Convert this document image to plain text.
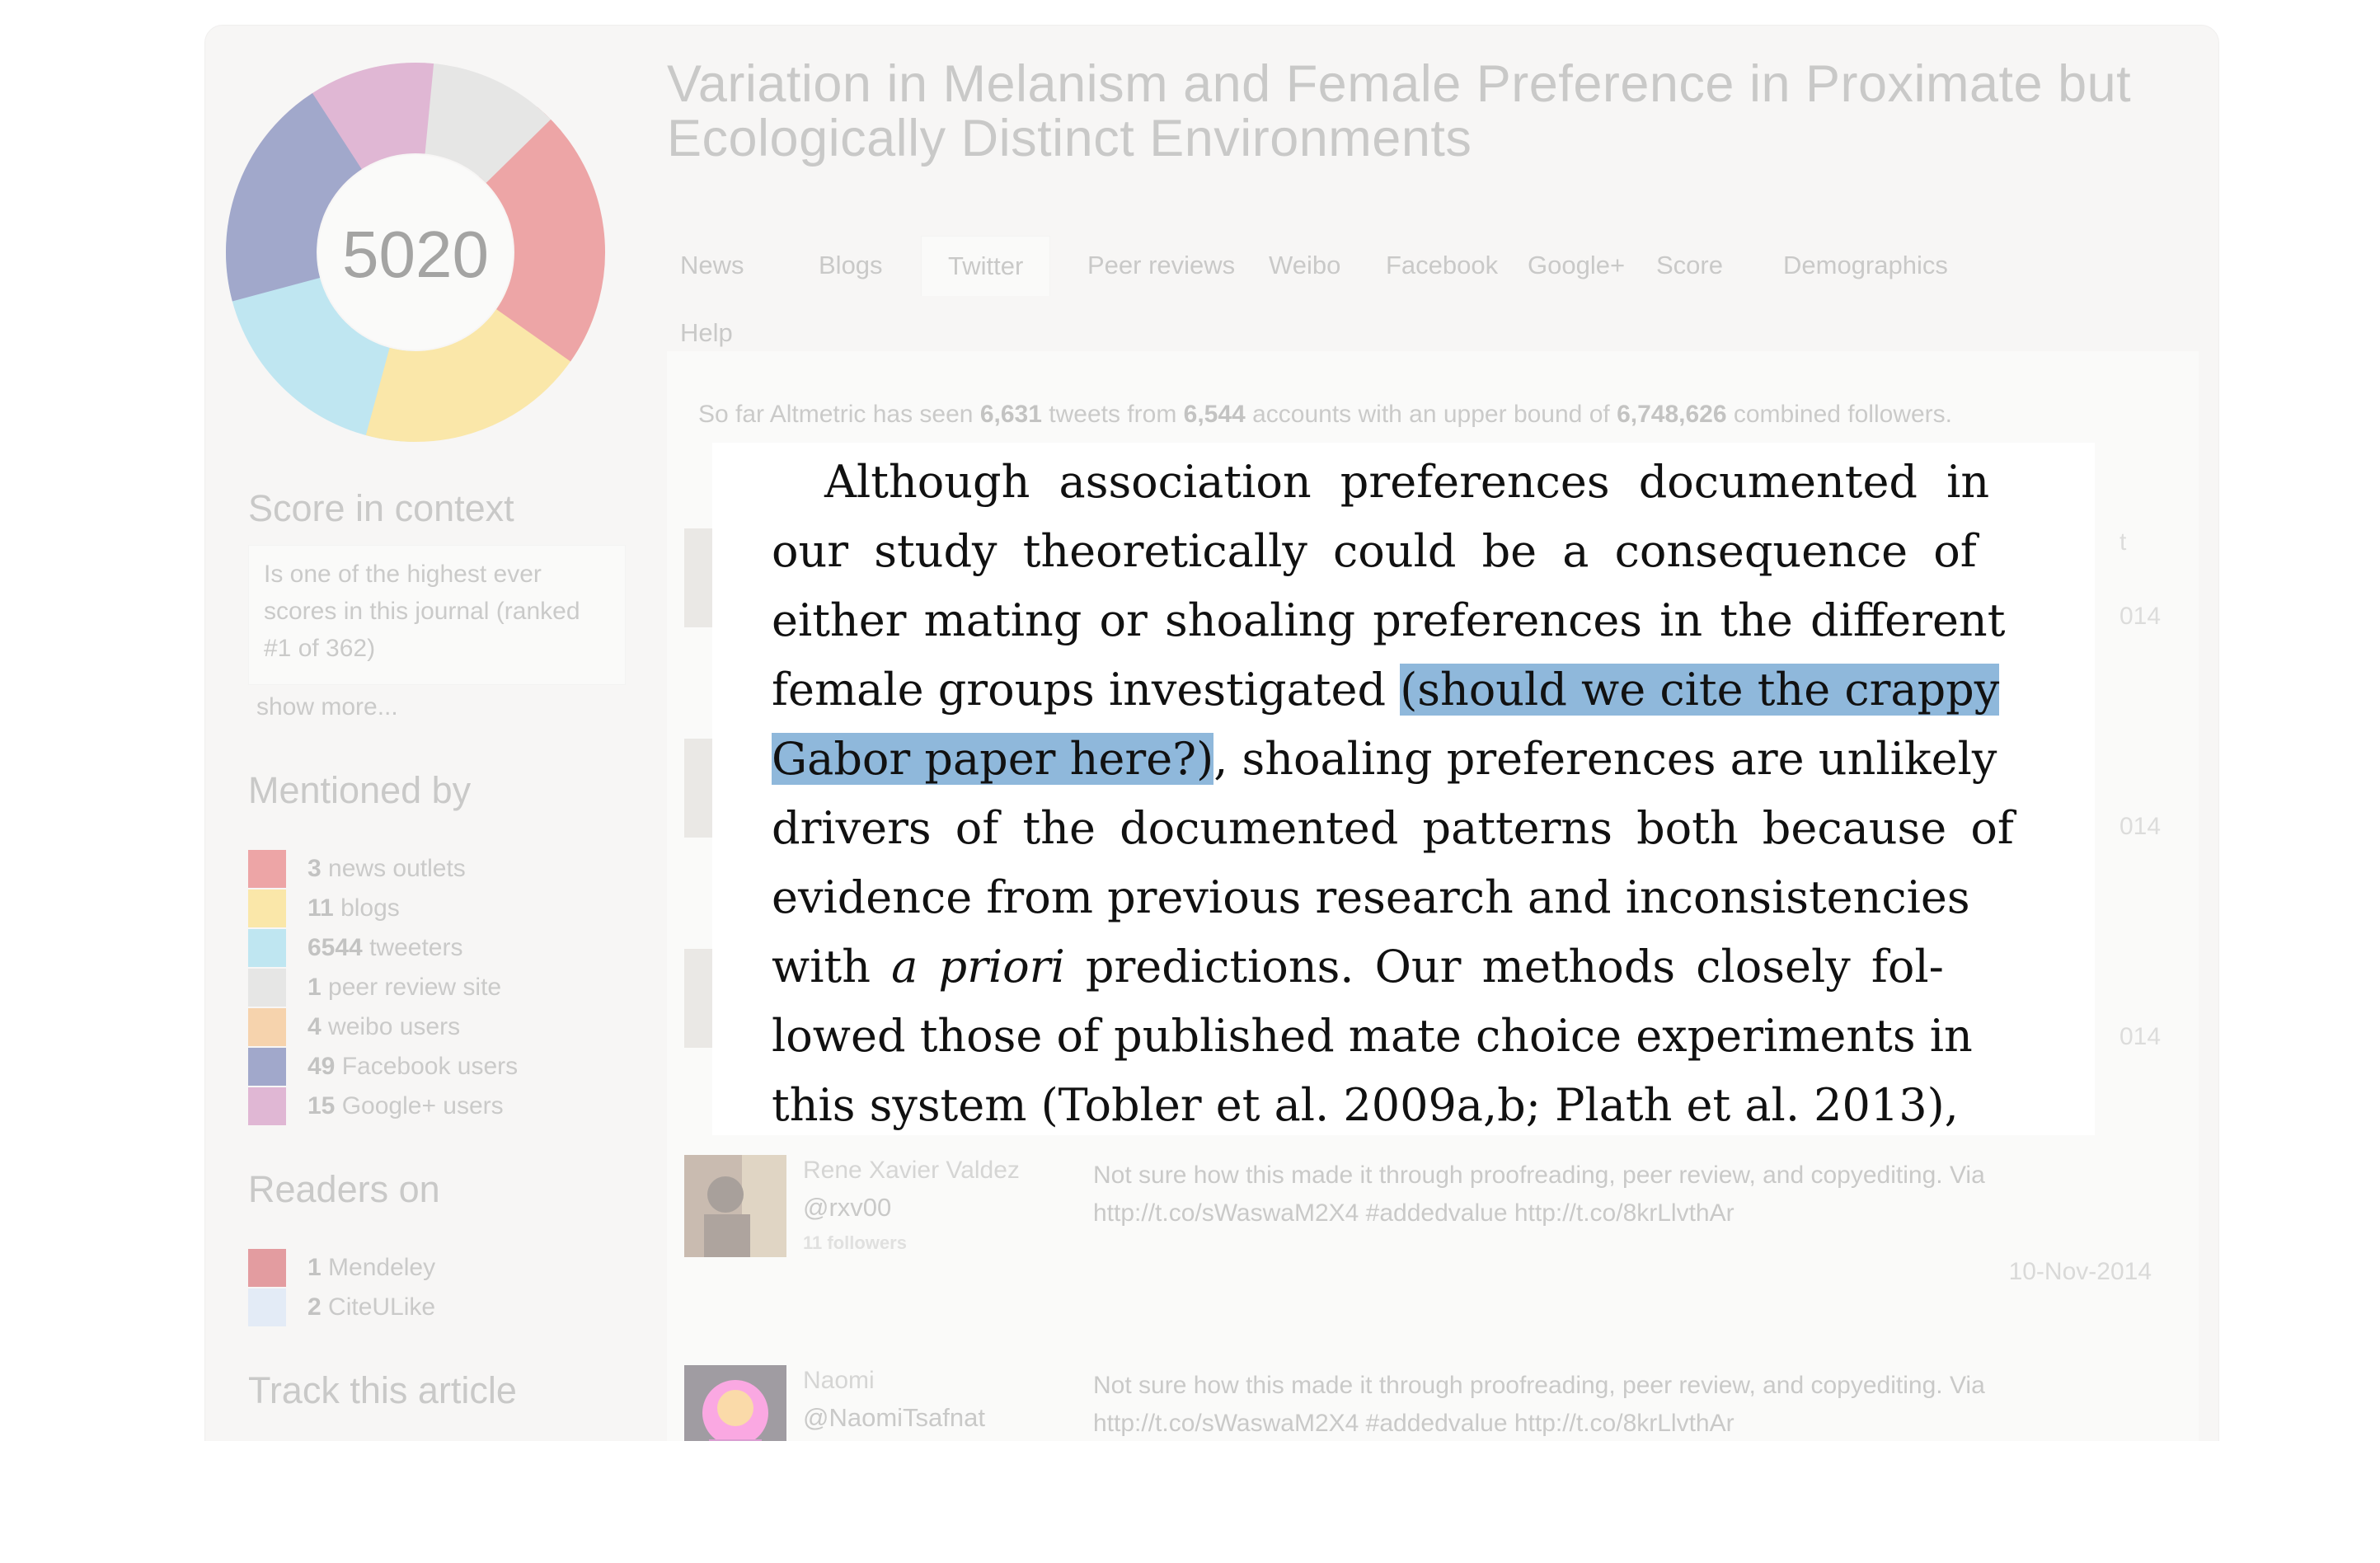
5020
Variation in Melanism and Female Preference in Proximate but Ecologically Distinct Environments
News	Blogs	Twitter	Peer reviews Weibo Facebook Google+ Score Demographics
Help
Score in context
Is one of the highest ever scores in this journal (ranked #1 of 362)
show more...
Mentioned by
3 news outlets
11 blogs
6544 tweeters
1 peer review site
4 weibo users
49 Facebook users
15 Google+ users
Readers on
1 Mendeley
2 CiteULike
Track this article
So far Altmetric has seen 6,631 tweets from 6,544 accounts with an upper bound of 6,748,626 combined followers.
t
014
014
014
Rene Xavier Valdez
@rxv00
11 followers
Not sure how this made it through proofreading, peer review, and copyediting. Via http://t.co/sWaswaM2X4 #addedvalue http://t.co/8krLlvthAr
10-Nov-2014
Naomi
@NaomiTsafnat
Not sure how this made it through proofreading, peer review, and copyediting. Via http://t.co/sWaswaM2X4 #addedvalue http://t.co/8krLlvthAr
Although association preferences documented in
our study theoretically could be a consequence of
either mating or shoaling preferences in the different
female groups investigated (should we cite the crappy
Gabor paper here?), shoaling preferences are unlikely
drivers of the documented patterns both because of
evidence from previous research and inconsistencies
with a priori predictions. Our methods closely fol-
lowed those of published mate choice experiments in
this system (Tobler et al. 2009a,b; Plath et al. 2013),
